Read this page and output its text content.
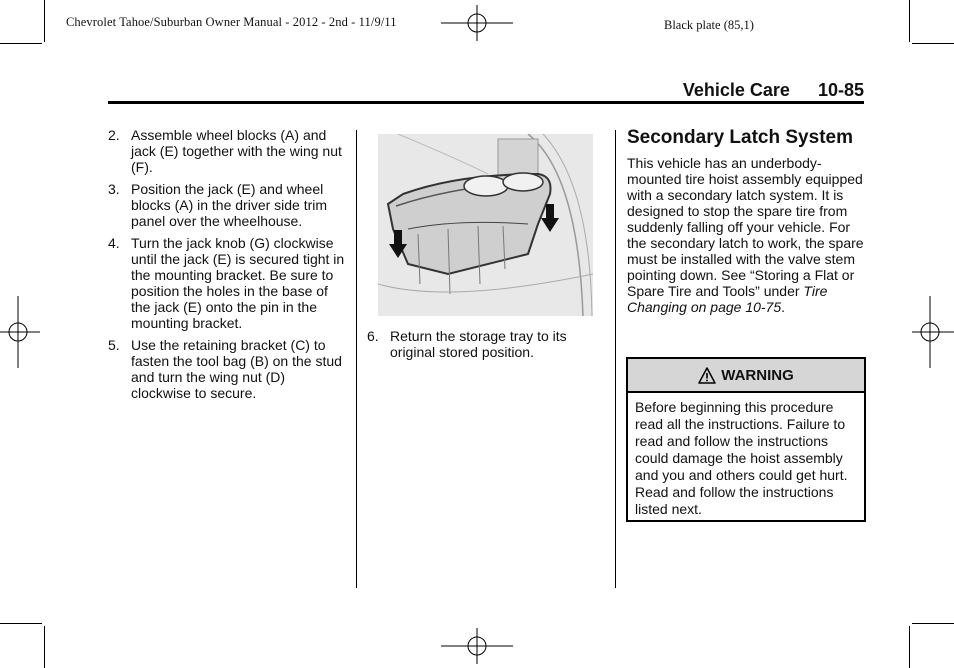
Chevrolet Tahoe/Suburban Owner Manual - 2012 - 2nd - 11/9/11	Black plate (85,1)
Vehicle Care 10-85
2. Assemble wheel blocks (A) and jack (E) together with the wing nut (F).
3. Position the jack (E) and wheel blocks (A) in the driver side trim panel over the wheelhouse.
4. Turn the jack knob (G) clockwise until the jack (E) is secured tight in the mounting bracket. Be sure to position the holes in the base of the jack (E) onto the pin in the mounting bracket.
5. Use the retaining bracket (C) to fasten the tool bag (B) on the stud and turn the wing nut (D) clockwise to secure.
6. Return the storage tray to its original stored position.
Secondary Latch System
This vehicle has an underbody-mounted tire hoist assembly equipped with a secondary latch system. It is designed to stop the spare tire from suddenly falling off your vehicle. For the secondary latch to work, the spare must be installed with the valve stem pointing down. See “Storing a Flat or Spare Tire and Tools” under Tire Changing on page 10-75.
WARNING
Before beginning this procedure read all the instructions. Failure to read and follow the instructions could damage the hoist assembly and you and others could get hurt. Read and follow the instructions listed next.
